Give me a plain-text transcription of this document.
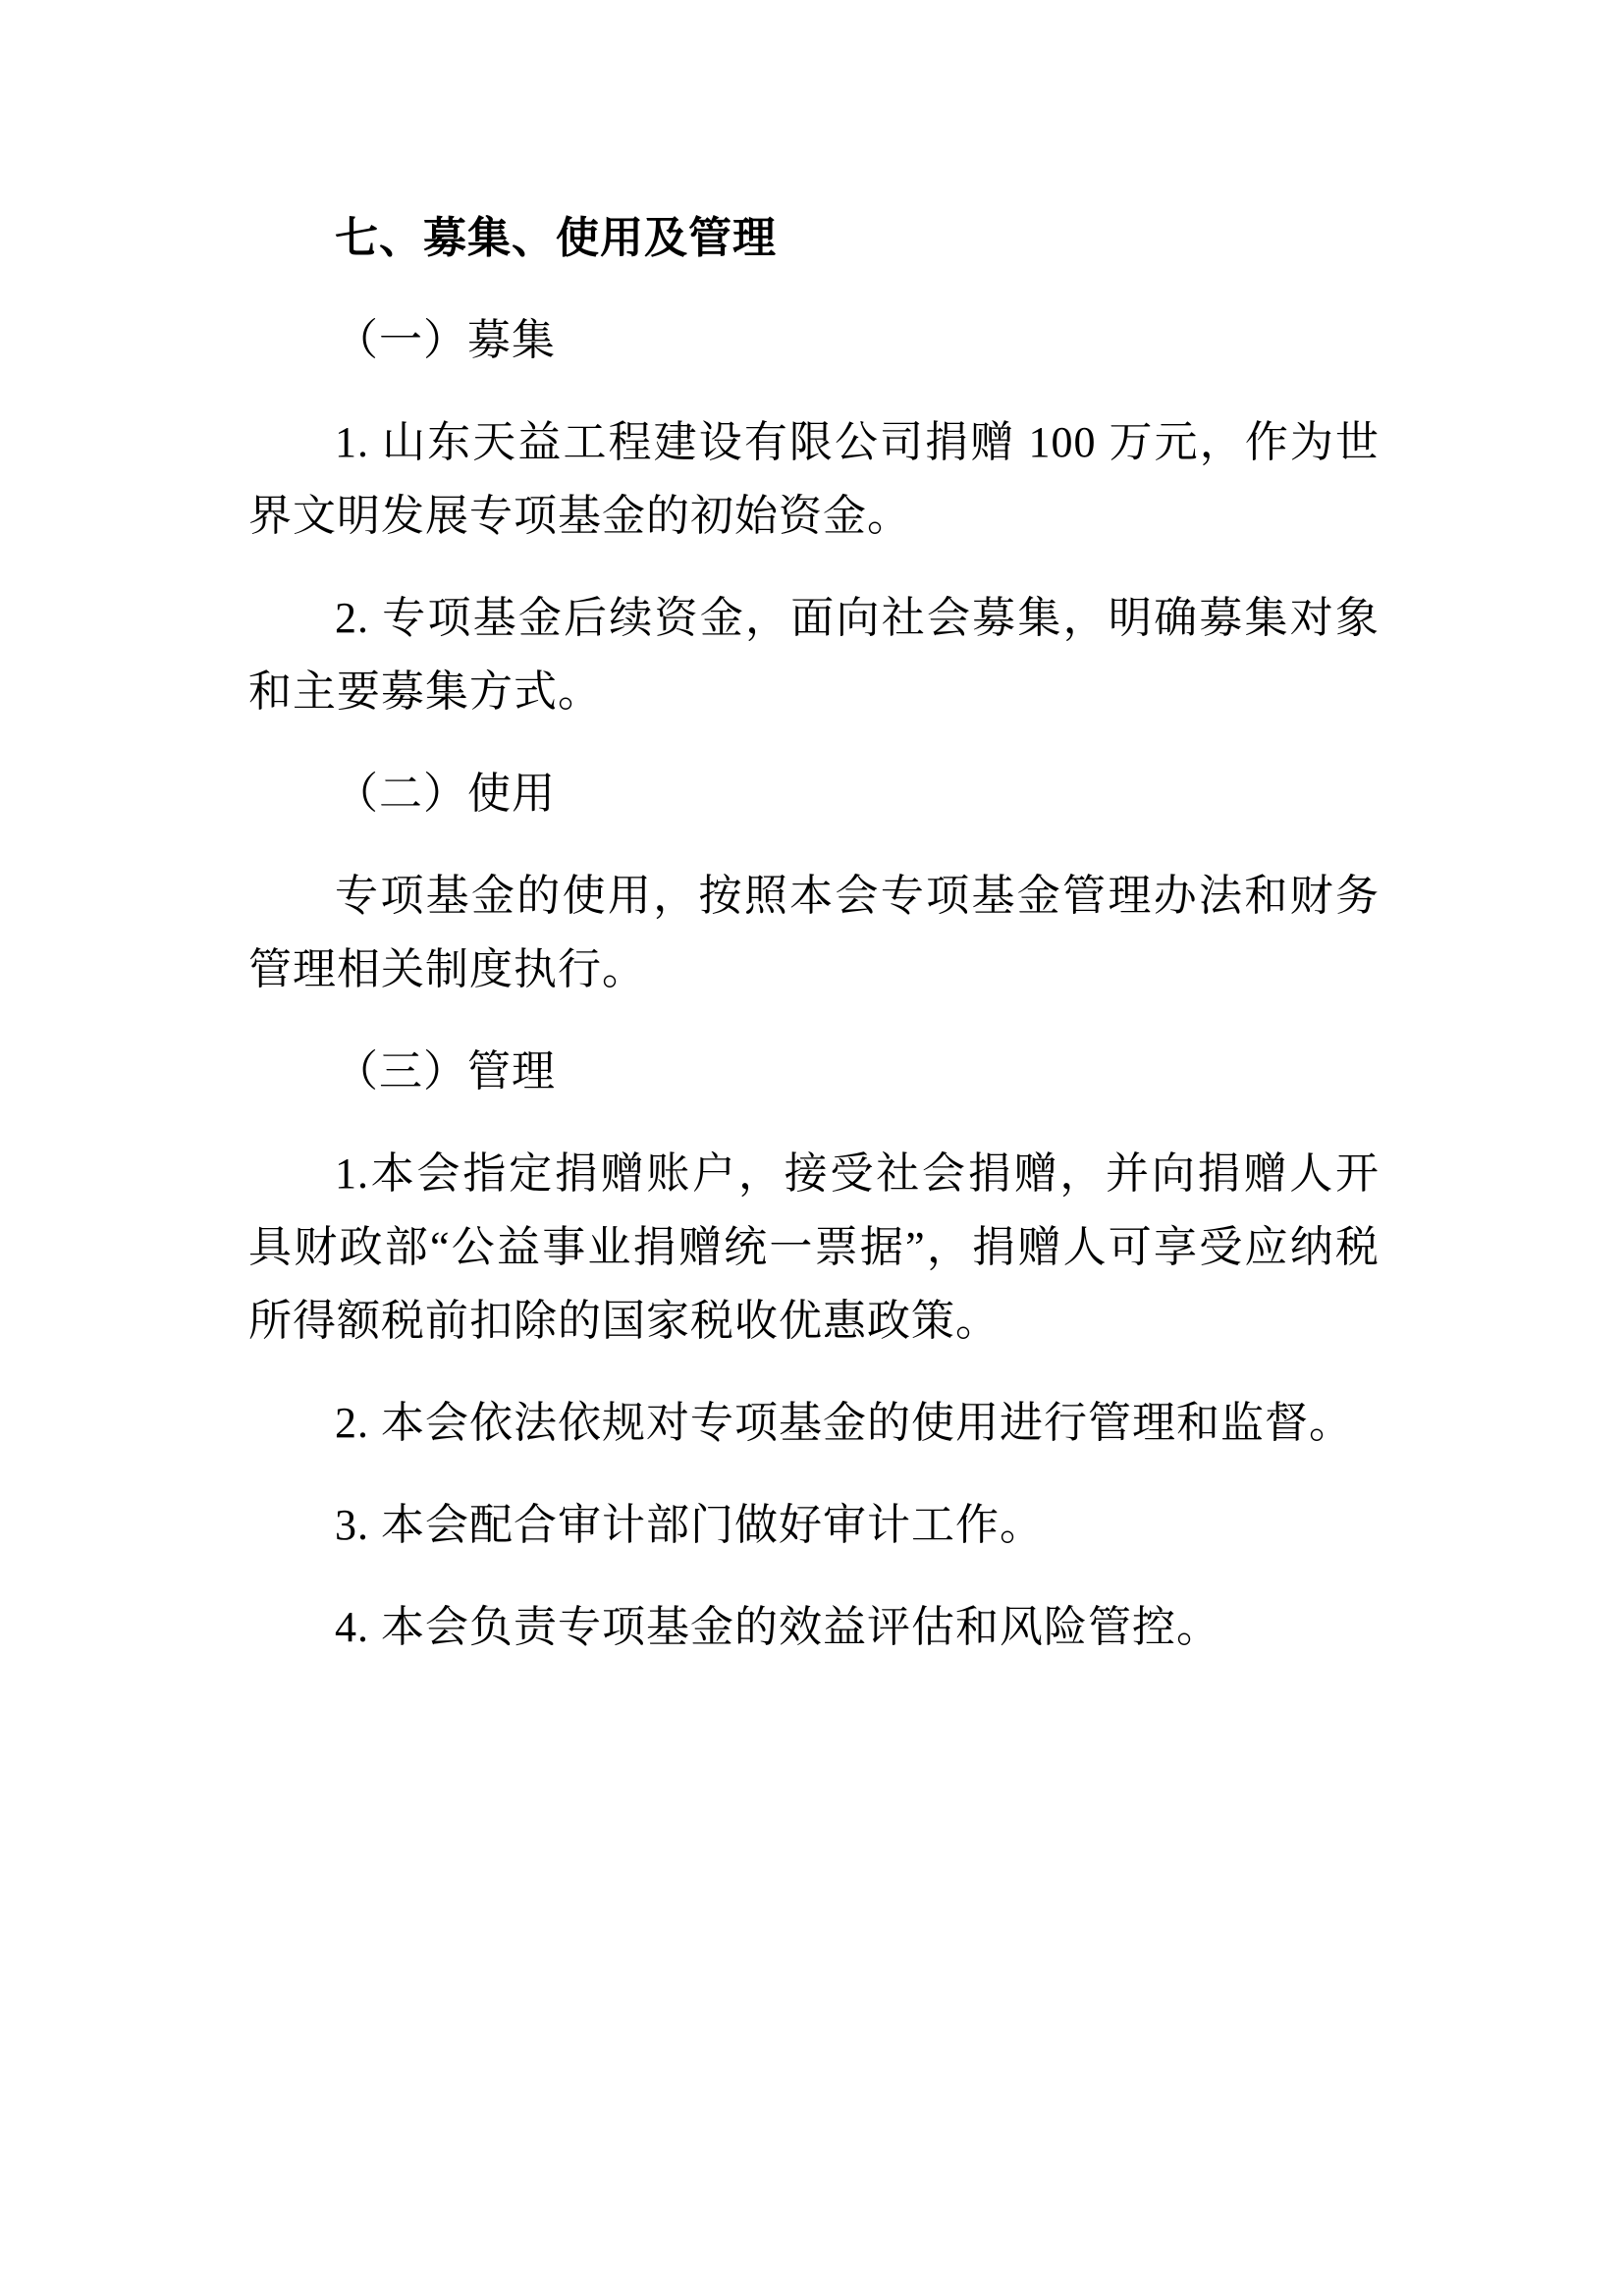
七、募集、使用及管理
（一）募集

1. 山东天益工程建设有限公司捐赠 100 万元，作为世界文明发展专项基金的初始资金。

2. 专项基金后续资金，面向社会募集，明确募集对象和主要募集方式。

（二）使用

专项基金的使用，按照本会专项基金管理办法和财务管理相关制度执行。

（三）管理

1.本会指定捐赠账户，接受社会捐赠，并向捐赠人开具财政部“公益事业捐赠统一票据”，捐赠人可享受应纳税所得额税前扣除的国家税收优惠政策。

2. 本会依法依规对专项基金的使用进行管理和监督。

3. 本会配合审计部门做好审计工作。

4. 本会负责专项基金的效益评估和风险管控。
